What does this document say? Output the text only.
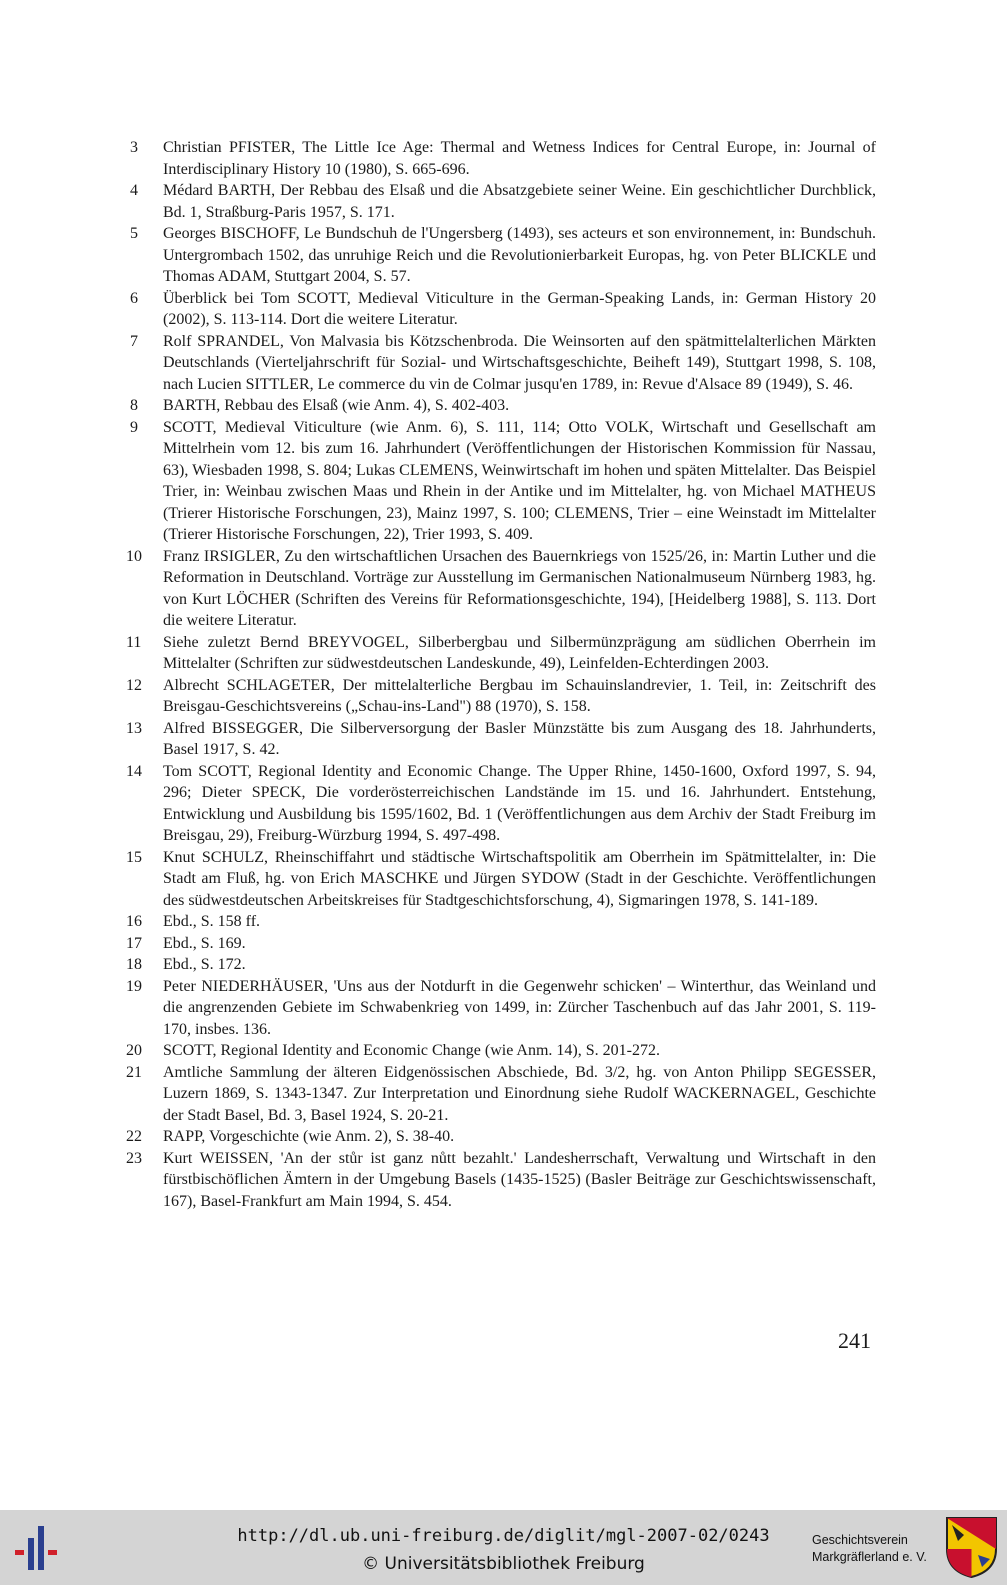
3	Christian PFISTER, The Little Ice Age: Thermal and Wetness Indices for Central Europe, in: Journal of Interdisciplinary History 10 (1980), S. 665-696.
4	Médard BARTH, Der Rebbau des Elsaß und die Absatzgebiete seiner Weine. Ein geschichtlicher Durchblick, Bd. 1, Straßburg-Paris 1957, S. 171.
5	Georges BISCHOFF, Le Bundschuh de l'Ungersberg (1493), ses acteurs et son environnement, in: Bundschuh. Untergrombach 1502, das unruhige Reich und die Revolutionierbarkeit Europas, hg. von Peter BLICKLE und Thomas ADAM, Stuttgart 2004, S. 57.
6	Überblick bei Tom SCOTT, Medieval Viticulture in the German-Speaking Lands, in: German History 20 (2002), S. 113-114. Dort die weitere Literatur.
7	Rolf SPRANDEL, Von Malvasia bis Kötzschenbroda. Die Weinsorten auf den spätmittelalterlichen Märkten Deutschlands (Vierteljahrschrift für Sozial- und Wirtschaftsgeschichte, Beiheft 149), Stuttgart 1998, S. 108, nach Lucien SITTLER, Le commerce du vin de Colmar jusqu'en 1789, in: Revue d'Alsace 89 (1949), S. 46.
8	BARTH, Rebbau des Elsaß (wie Anm. 4), S. 402-403.
9	SCOTT, Medieval Viticulture (wie Anm. 6), S. 111, 114; Otto VOLK, Wirtschaft und Gesellschaft am Mittelrhein vom 12. bis zum 16. Jahrhundert (Veröffentlichungen der Historischen Kommission für Nassau, 63), Wiesbaden 1998, S. 804; Lukas CLEMENS, Weinwirtschaft im hohen und späten Mittelalter. Das Beispiel Trier, in: Weinbau zwischen Maas und Rhein in der Antike und im Mittelalter, hg. von Michael MATHEUS (Trierer Historische Forschungen, 23), Mainz 1997, S. 100; CLEMENS, Trier – eine Weinstadt im Mittelalter (Trierer Historische Forschungen, 22), Trier 1993, S. 409.
10	Franz IRSIGLER, Zu den wirtschaftlichen Ursachen des Bauernkriegs von 1525/26, in: Martin Luther und die Reformation in Deutschland. Vorträge zur Ausstellung im Germanischen Nationalmuseum Nürnberg 1983, hg. von Kurt LÖCHER (Schriften des Vereins für Reformationsgeschichte, 194), [Heidelberg 1988], S. 113. Dort die weitere Literatur.
11	Siehe zuletzt Bernd BREYVOGEL, Silberbergbau und Silbermünzprägung am südlichen Oberrhein im Mittelalter (Schriften zur südwestdeutschen Landeskunde, 49), Leinfelden-Echterdingen 2003.
12	Albrecht SCHLAGETER, Der mittelalterliche Bergbau im Schauinslandrevier, 1. Teil, in: Zeitschrift des Breisgau-Geschichtsvereins („Schau-ins-Land") 88 (1970), S. 158.
13	Alfred BISSEGGER, Die Silberversorgung der Basler Münzstätte bis zum Ausgang des 18. Jahrhunderts, Basel 1917, S. 42.
14	Tom SCOTT, Regional Identity and Economic Change. The Upper Rhine, 1450-1600, Oxford 1997, S. 94, 296; Dieter SPECK, Die vorderösterreichischen Landstände im 15. und 16. Jahrhundert. Entstehung, Entwicklung und Ausbildung bis 1595/1602, Bd. 1 (Veröffentlichungen aus dem Archiv der Stadt Freiburg im Breisgau, 29), Freiburg-Würzburg 1994, S. 497-498.
15	Knut SCHULZ, Rheinschiffahrt und städtische Wirtschaftspolitik am Oberrhein im Spätmittelalter, in: Die Stadt am Fluß, hg. von Erich MASCHKE und Jürgen SYDOW (Stadt in der Geschichte. Veröffentlichungen des südwestdeutschen Arbeitskreises für Stadtgeschichtsforschung, 4), Sigmaringen 1978, S. 141-189.
16	Ebd., S. 158 ff.
17	Ebd., S. 169.
18	Ebd., S. 172.
19	Peter NIEDERHÄUSER, 'Uns aus der Notdurft in die Gegenwehr schicken' – Winterthur, das Weinland und die angrenzenden Gebiete im Schwabenkrieg von 1499, in: Zürcher Taschenbuch auf das Jahr 2001, S. 119-170, insbes. 136.
20	SCOTT, Regional Identity and Economic Change (wie Anm. 14), S. 201-272.
21	Amtliche Sammlung der älteren Eidgenössischen Abschiede, Bd. 3/2, hg. von Anton Philipp SEGESSER, Luzern 1869, S. 1343-1347. Zur Interpretation und Einordnung siehe Rudolf WACKERNAGEL, Geschichte der Stadt Basel, Bd. 3, Basel 1924, S. 20-21.
22	RAPP, Vorgeschichte (wie Anm. 2), S. 38-40.
23	Kurt WEISSEN, 'An der stůr ist ganz nůtt bezahlt.' Landesherrschaft, Verwaltung und Wirtschaft in den fürstbischöflichen Ämtern in der Umgebung Basels (1435-1525) (Basler Beiträge zur Geschichtswissenschaft, 167), Basel-Frankfurt am Main 1994, S. 454.
241
http://dl.ub.uni-freiburg.de/diglit/mgl-2007-02/0243
© Universitätsbibliothek Freiburg
Geschichtsverein
Markgräflerland e. V.
